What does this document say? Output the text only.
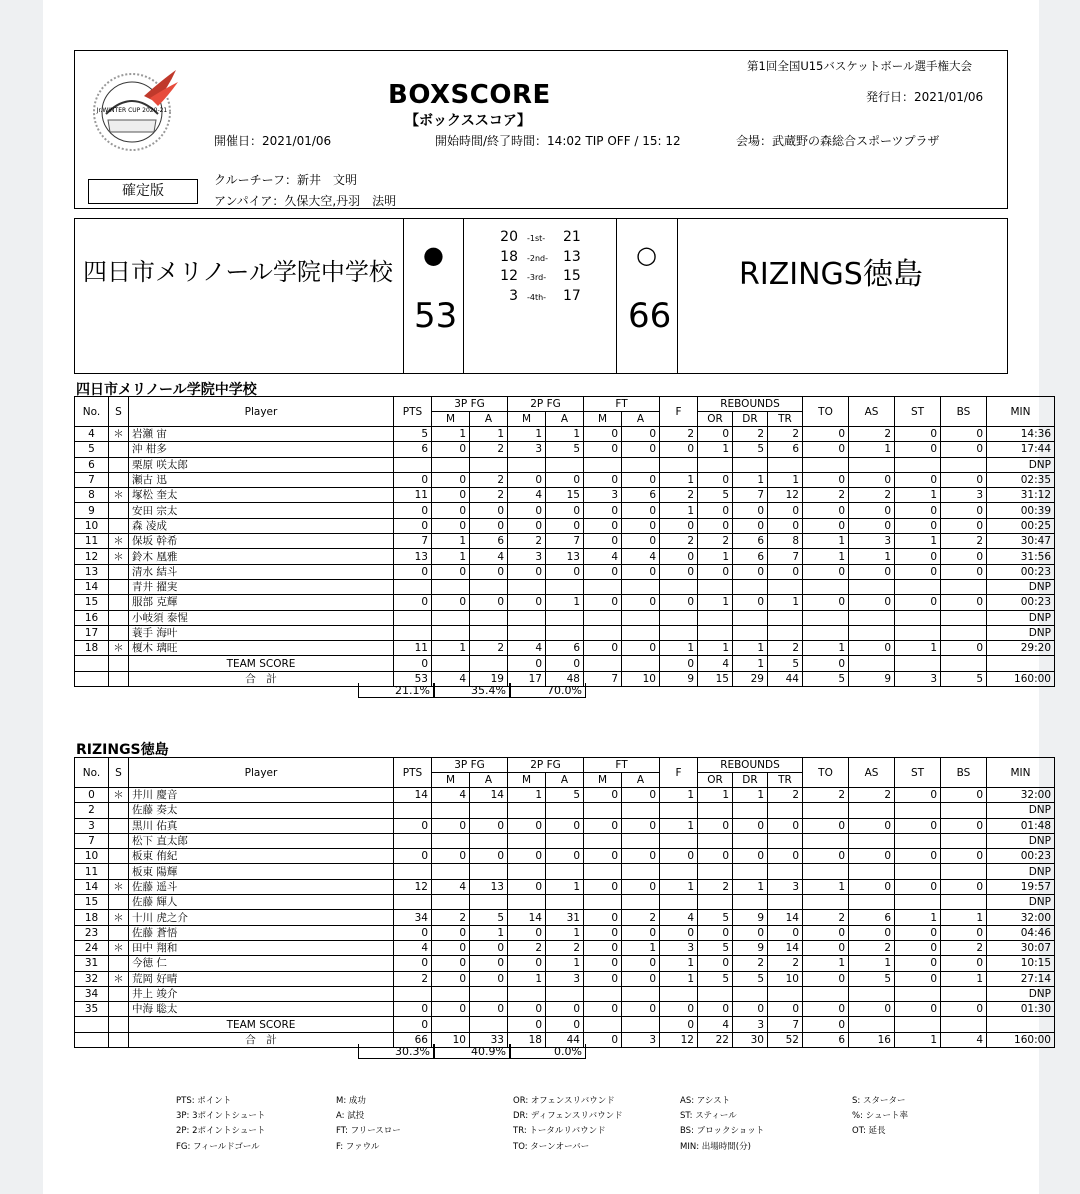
Jr.WINTER CUP 2020-21
BOXSCORE
【ボックススコア】
第1回全国U15バスケットボール選手権大会
発行日：2021/01/06
開催日：2021/01/06	開始時間/終了時間：14:02 TIP OFF / 15: 12	会場：武蔵野の森総合スポーツプラザ
クルーチーフ：新井　文明
アンパイア：久保大空,丹羽　法明
確定版
四日市メリノール学院中学校
●
53
○
66
RIZINGS徳島
20 -1st- 21
18 -2nd- 13
12 -3rd- 15
3 -4th- 17
四日市メリノール学院中学校
No.	S	Player	PTS	3P FG		2P FG		FT		F	REBOUNDS			TO	AS	ST	BS	MIN
				M	A	M	A	M	A		OR	DR	TR					
4	＊	岩瀬 宙	5	1	1	1	1	0	0	2	0	2	2	0	2	0	0	14:36
5		沖 柑多	6	0	2	3	5	0	0	0	1	5	6	0	1	0	0	17:44
6		栗原 咲太郎																DNP
7		瀬古 迅	0	0	2	0	0	0	0	1	0	1	1	0	0	0	0	02:35
8	＊	塚松 奎太	11	0	2	4	15	3	6	2	5	7	12	2	2	1	3	31:12
9		安田 宗太	0	0	0	0	0	0	0	1	0	0	0	0	0	0	0	00:39
10		森 凌成	0	0	0	0	0	0	0	0	0	0	0	0	0	0	0	00:25
11	＊	保坂 幹希	7	1	6	2	7	0	0	2	2	6	8	1	3	1	2	30:47
12	＊	鈴木 凰雅	13	1	4	3	13	4	4	0	1	6	7	1	1	0	0	31:56
13		清水 結斗	0	0	0	0	0	0	0	0	0	0	0	0	0	0	0	00:23
14		青井 擢実																DNP
15		服部 克輝	0	0	0	0	1	0	0	0	1	0	1	0	0	0	0	00:23
16		小岐須 泰惺																DNP
17		蓑手 海叶																DNP
18	＊	榎木 璃旺	11	1	2	4	6	0	0	1	1	1	2	1	0	1	0	29:20
		TEAM SCORE	0			0	0			0	4	1	5	0				
		合　計	53	4	19	17	48	7	10	9	15	29	44	5	9	3	5	160:00
21.1%	35.4%	70.0%
RIZINGS徳島
No.	S	Player	PTS	3P FG		2P FG		FT		F	REBOUNDS			TO	AS	ST	BS	MIN
				M	A	M	A	M	A		OR	DR	TR					
0	＊	井川 慶音	14	4	14	1	5	0	0	1	1	1	2	2	2	0	0	32:00
2		佐藤 奏太																DNP
3		黒川 佑真	0	0	0	0	0	0	0	1	0	0	0	0	0	0	0	01:48
7		松下 直太郎																DNP
10		板東 侑紀	0	0	0	0	0	0	0	0	0	0	0	0	0	0	0	00:23
11		板東 陽輝																DNP
14	＊	佐藤 遥斗	12	4	13	0	1	0	0	1	2	1	3	1	0	0	0	19:57
15		佐藤 輝人																DNP
18	＊	十川 虎之介	34	2	5	14	31	0	2	4	5	9	14	2	6	1	1	32:00
23		佐藤 蒼悟	0	0	1	0	1	0	0	0	0	0	0	0	0	0	0	04:46
24	＊	田中 翔和	4	0	0	2	2	0	1	3	5	9	14	0	2	0	2	30:07
31		今徳 仁	0	0	0	0	1	0	0	1	0	2	2	1	1	0	0	10:15
32	＊	荒岡 好晴	2	0	0	1	3	0	0	1	5	5	10	0	5	0	1	27:14
34		井上 竣介																DNP
35		中海 聡太	0	0	0	0	0	0	0	0	0	0	0	0	0	0	0	01:30
		TEAM SCORE	0			0	0			0	4	3	7	0				
		合　計	66	10	33	18	44	0	3	12	22	30	52	6	16	1	4	160:00
30.3%	40.9%	0.0%
PTS: ポイント
3P: 3ポイントシュート
2P: 2ポイントシュート
FG: フィールドゴール
M: 成功
A: 試投
FT: フリースロー
F: ファウル
OR: オフェンスリバウンド
DR: ディフェンスリバウンド
TR: トータルリバウンド
TO: ターンオーバー
AS: アシスト
ST: スティール
BS: ブロックショット
MIN: 出場時間(分)
S: スターター
%: シュート率
OT: 延長
